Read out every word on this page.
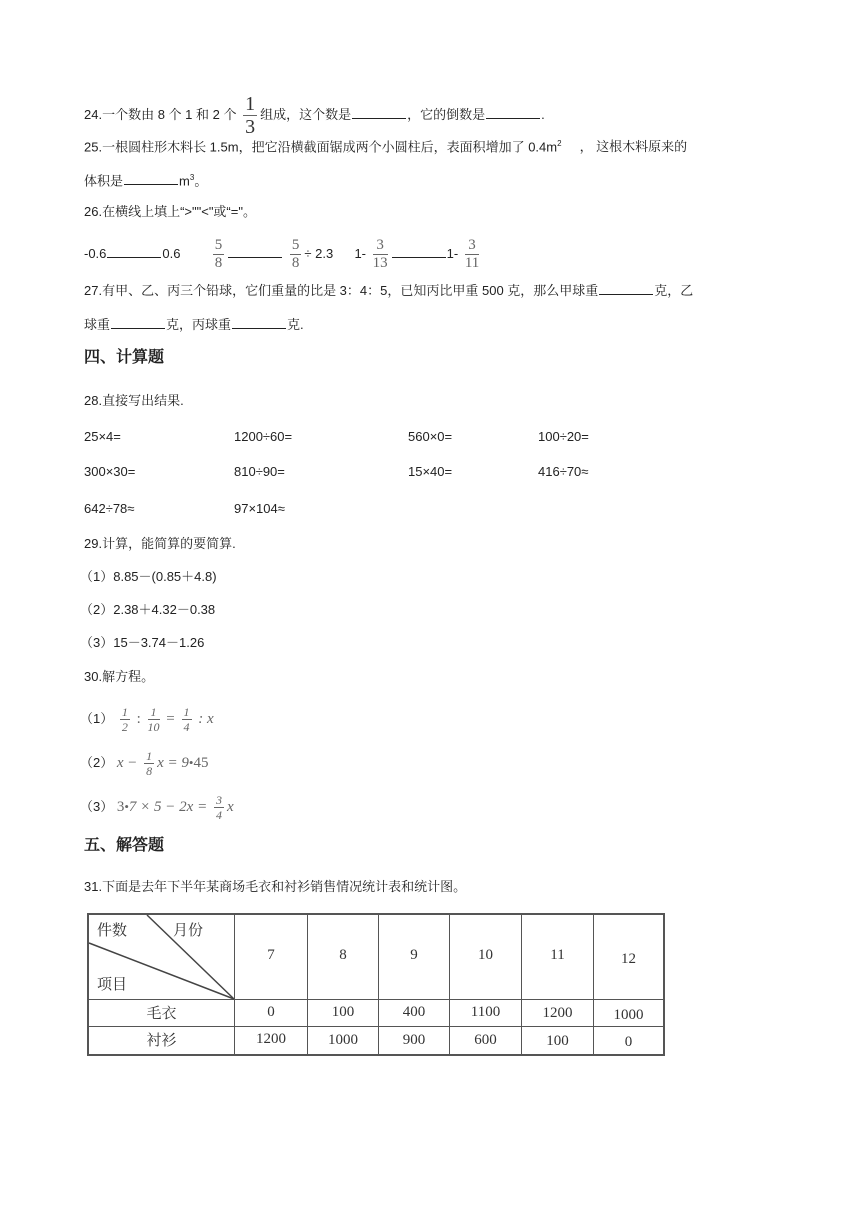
24.一个数由 8 个 1 和 2 个 $\frac{1}{3}$ 组成，这个数是	，它的倒数是	.
25.一根圆柱形木料长 1.5m，把它沿横截面锯成两个小圆柱后，表面积增加了 $0.4m^2$ ， 这根木料原来的
体积是	$m^3$。
26.在横线上填上“>""<"或“="。
-0.6	$0.6 \frac{5}{8}$
	$\frac{5}{8} \div 2.3$ $1- \frac{3}{13}$	$1- \frac{3}{11}$
27.有甲、乙、丙三个铅球，它们重量的比是 3：4：5，已知丙比甲重 500 克，那么甲球重	克，乙
球重	克，丙球重	克.
四、计算题
28.直接写出结果.
25×4=	1200÷60=	560×0=	100÷20=
300×30=	810÷90=	15×40=	416÷70≈
642÷78≈	97×104≈
29.计算，能简算的要简算.
（1）8.85－(0.85＋4.8)
（2）2.38＋4.32－0.38
（3）15－3.74－1.26
30.解方程。
$(1) \frac{1}{2}$ : $\frac{1}{10} = \frac{1}{4}$ : x
（2） $x - \frac{1}{8}$ x = 9•45
（3） 3•7 × $5 - 2x = \frac{3}{4}$ x
五、解答题
31.下面是去年下半年某商场毛衣和衬衫销售情况统计表和统计图。
件数	月份
项目
7	8	9	10	11	12
毛衣	0	100	400	1100	1200	1000
衬衫	1200	1000	900	600	100	0
